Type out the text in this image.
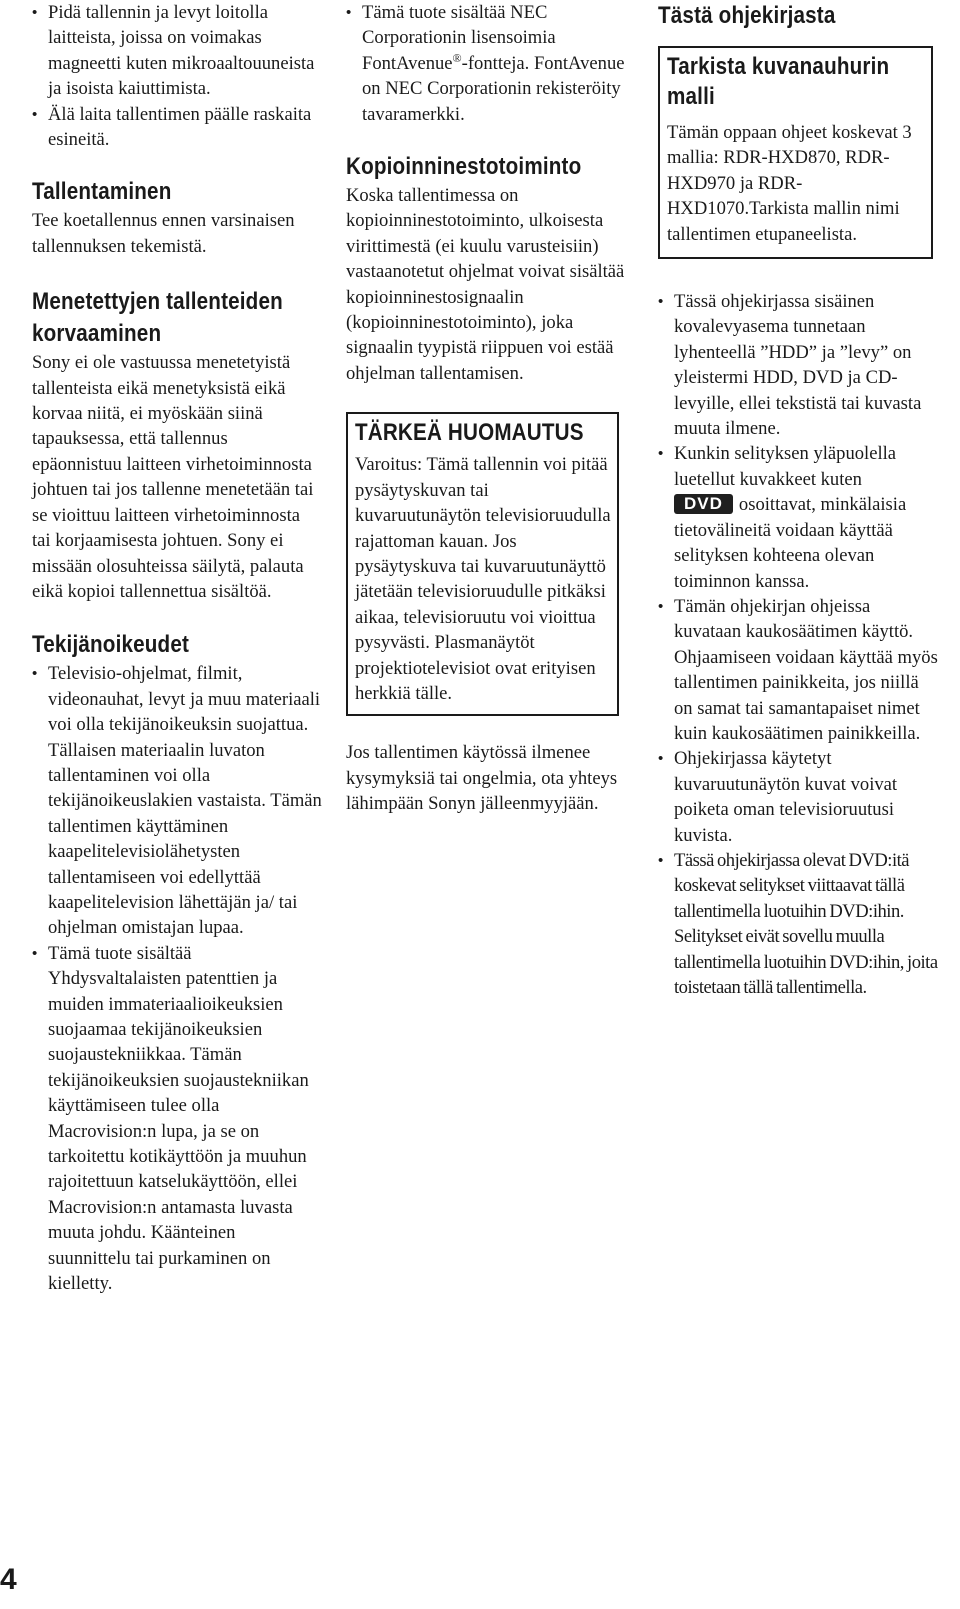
• Pidä tallennin ja levyt loitolla laitteista, joissa on voimakas magneetti kuten mikroaaltouuneista ja isoista kaiuttimista.
• Älä laita tallentimen päälle raskaita esineitä.
Tallentaminen

Tee koetallennus ennen varsinaisen tallennuksen tekemistä.

Menetettyjen tallenteiden
korvaaminen

Sony ei ole vastuussa menetetyistä tallenteista eikä menetyksistä eikä korvaa niitä, ei myöskään siinä tapauksessa, että tallennus epäonnistuu laitteen virhetoiminnosta johtuen tai jos tallenne menetetään tai se vioittuu laitteen virhetoiminnosta tai korjaamisesta johtuen. Sony ei missään olosuhteissa säilytä, palauta eikä kopioi tallennettua sisältöä.

Tekijänoikeudet
• Televisio-ohjelmat, filmit, videonauhat, levyt ja muu materiaali voi olla tekijänoikeuksin suojattua. Tällaisen materiaalin luvaton tallentaminen voi olla tekijänoikeuslakien vastaista. Tämän tallentimen käyttäminen kaapelitelevisiolähetysten tallentamiseen voi edellyttää kaapelitelevision lähettäjän ja/ tai ohjelman omistajan lupaa.
• Tämä tuote sisältää Yhdysvaltalaisten patenttien ja muiden immateriaalioikeuksien suojaamaa tekijänoikeuksien suojaustekniikkaa. Tämän tekijänoikeuksien suojaustekniikan käyttämiseen tulee olla Macrovision:n lupa, ja se on tarkoitettu kotikäyttöön ja muuhun rajoitettuun katselukäyttöön, ellei Macrovision:n antamasta luvasta muuta johdu. Käänteinen suunnittelu tai purkaminen on kielletty.
• Tämä tuote sisältää NEC Corporationin lisensoimia FontAvenue®-fontteja. FontAvenue on NEC Corporationin rekisteröity tavaramerkki.
Kopioinninestotoiminto

Koska tallentimessa on kopioinninestotoiminto, ulkoisesta virittimestä (ei kuulu varusteisiin) vastaanotetut ohjelmat voivat sisältää kopioinninestosignaalin (kopioinninestotoiminto), joka signaalin tyypistä riippuen voi estää ohjelman tallentamisen.

TÄRKEÄ HUOMAUTUS

Varoitus: Tämä tallennin voi pitää pysäytyskuvan tai kuvaruutunäytön televisioruudulla rajattoman kauan. Jos pysäytyskuva tai kuvaruutunäyttö jätetään televisioruudulle pitkäksi aikaa, televisioruutu voi vioittua pysyvästi. Plasmanäytöt projektiotelevisiot ovat erityisen herkkiä tälle.

Jos tallentimen käytössä ilmenee kysymyksiä tai ongelmia, ota yhteys lähimpään Sonyn jälleenmyyjään.

Tästä ohjekirjasta
Tarkista kuvanauhurin
malli

Tämän oppaan ohjeet koskevat 3 mallia: RDR-HXD870, RDR-HXD970 ja RDR-HXD1070.Tarkista mallin nimi tallentimen etupaneelista.

• Tässä ohjekirjassa sisäinen kovalevyasema tunnetaan lyhenteellä ”HDD” ja ”levy” on yleistermi HDD, DVD ja CD-levyille, ellei tekstistä tai kuvasta muuta ilmene.
• Kunkin selityksen yläpuolella luetellut kuvakkeet kuten
DVD osoittavat, minkälaisia tietovälineitä voidaan käyttää selityksen kohteena olevan toiminnon kanssa.
• Tämän ohjekirjan ohjeissa kuvataan kaukosäätimen käyttö. Ohjaamiseen voidaan käyttää myös tallentimen painikkeita, jos niillä on samat tai samantapaiset nimet kuin kaukosäätimen painikkeilla.
• Ohjekirjassa käytetyt kuvaruutunäytön kuvat voivat poiketa oman televisioruutusi kuvista.
• Tässä ohjekirjassa olevat DVD:itä koskevat selitykset viittaavat tällä tallentimella luotuihin DVD:ihin. Selitykset eivät sovellu muulla tallentimella luotuihin DVD:ihin, joita toistetaan tällä tallentimella.
4
